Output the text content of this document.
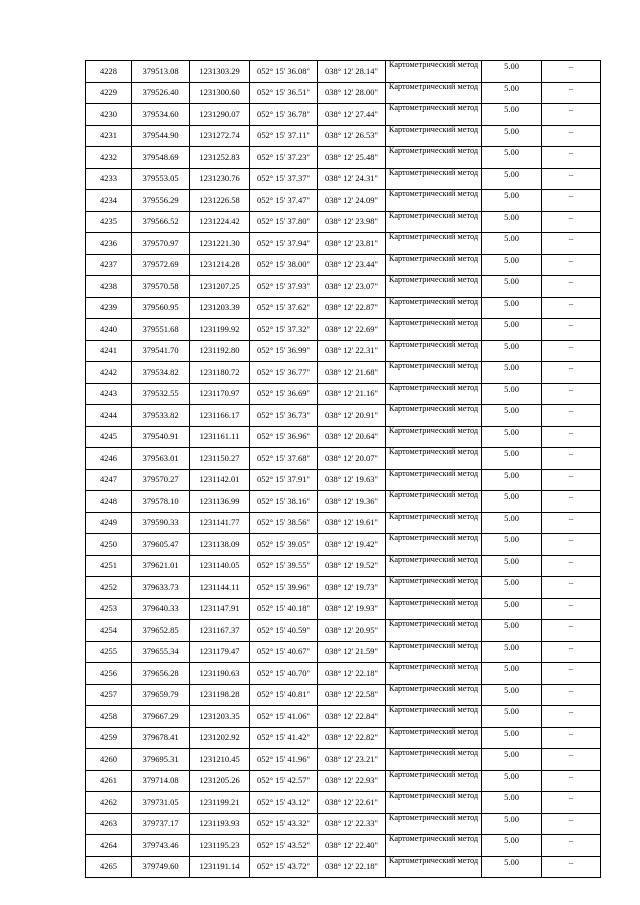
4228	379513.08	1231303.29	052° 15' 36.08"	038° 12' 28.14"	Картометрический метод	5.00	–
4229	379526.40	1231300.60	052° 15' 36.51"	038° 12' 28.00"	Картометрический метод	5.00	–
4230	379534.60	1231290.07	052° 15' 36.78"	038° 12' 27.44"	Картометрический метод	5.00	–
4231	379544.90	1231272.74	052° 15' 37.11"	038° 12' 26.53"	Картометрический метод	5.00	–
4232	379548.69	1231252.83	052° 15' 37.23"	038° 12' 25.48"	Картометрический метод	5.00	–
4233	379553.05	1231230.76	052° 15' 37.37"	038° 12' 24.31"	Картометрический метод	5.00	–
4234	379556.29	1231226.58	052° 15' 37.47"	038° 12' 24.09"	Картометрический метод	5.00	–
4235	379566.52	1231224.42	052° 15' 37.80"	038° 12' 23.98"	Картометрический метод	5.00	–
4236	379570.97	1231221.30	052° 15' 37.94"	038° 12' 23.81"	Картометрический метод	5.00	–
4237	379572.69	1231214.28	052° 15' 38.00"	038° 12' 23.44"	Картометрический метод	5.00	–
4238	379570.58	1231207.25	052° 15' 37.93"	038° 12' 23.07"	Картометрический метод	5.00	–
4239	379560.95	1231203.39	052° 15' 37.62"	038° 12' 22.87"	Картометрический метод	5.00	–
4240	379551.68	1231199.92	052° 15' 37.32"	038° 12' 22.69"	Картометрический метод	5.00	–
4241	379541.70	1231192.80	052° 15' 36.99"	038° 12' 22.31"	Картометрический метод	5.00	–
4242	379534.82	1231180.72	052° 15' 36.77"	038° 12' 21.68"	Картометрический метод	5.00	–
4243	379532.55	1231170.97	052° 15' 36.69"	038° 12' 21.16"	Картометрический метод	5.00	–
4244	379533.82	1231166.17	052° 15' 36.73"	038° 12' 20.91"	Картометрический метод	5.00	–
4245	379540.91	1231161.11	052° 15' 36.96"	038° 12' 20.64"	Картометрический метод	5.00	–
4246	379563.01	1231150.27	052° 15' 37.68"	038° 12' 20.07"	Картометрический метод	5.00	–
4247	379570.27	1231142.01	052° 15' 37.91"	038° 12' 19.63"	Картометрический метод	5.00	–
4248	379578.10	1231136.99	052° 15' 38.16"	038° 12' 19.36"	Картометрический метод	5.00	–
4249	379590.33	1231141.77	052° 15' 38.56"	038° 12' 19.61"	Картометрический метод	5.00	–
4250	379605.47	1231138.09	052° 15' 39.05"	038° 12' 19.42"	Картометрический метод	5.00	–
4251	379621.01	1231140.05	052° 15' 39.55"	038° 12' 19.52"	Картометрический метод	5.00	–
4252	379633.73	1231144.11	052° 15' 39.96"	038° 12' 19.73"	Картометрический метод	5.00	–
4253	379640.33	1231147.91	052° 15' 40.18"	038° 12' 19.93"	Картометрический метод	5.00	–
4254	379652.85	1231167.37	052° 15' 40.59"	038° 12' 20.95"	Картометрический метод	5.00	–
4255	379655.34	1231179.47	052° 15' 40.67"	038° 12' 21.59"	Картометрический метод	5.00	–
4256	379656.28	1231190.63	052° 15' 40.70"	038° 12' 22.18"	Картометрический метод	5.00	–
4257	379659.79	1231198.28	052° 15' 40.81"	038° 12' 22.58"	Картометрический метод	5.00	–
4258	379667.29	1231203.35	052° 15' 41.06"	038° 12' 22.84"	Картометрический метод	5.00	–
4259	379678.41	1231202.92	052° 15' 41.42"	038° 12' 22.82"	Картометрический метод	5.00	–
4260	379695.31	1231210.45	052° 15' 41.96"	038° 12' 23.21"	Картометрический метод	5.00	–
4261	379714.08	1231205.26	052° 15' 42.57"	038° 12' 22.93"	Картометрический метод	5.00	–
4262	379731.05	1231199.21	052° 15' 43.12"	038° 12' 22.61"	Картометрический метод	5.00	–
4263	379737.17	1231193.93	052° 15' 43.32"	038° 12' 22.33"	Картометрический метод	5.00	–
4264	379743.46	1231195.23	052° 15' 43.52"	038° 12' 22.40"	Картометрический метод	5.00	–
4265	379749.60	1231191.14	052° 15' 43.72"	038° 12' 22.18"	Картометрический метод	5.00	–
